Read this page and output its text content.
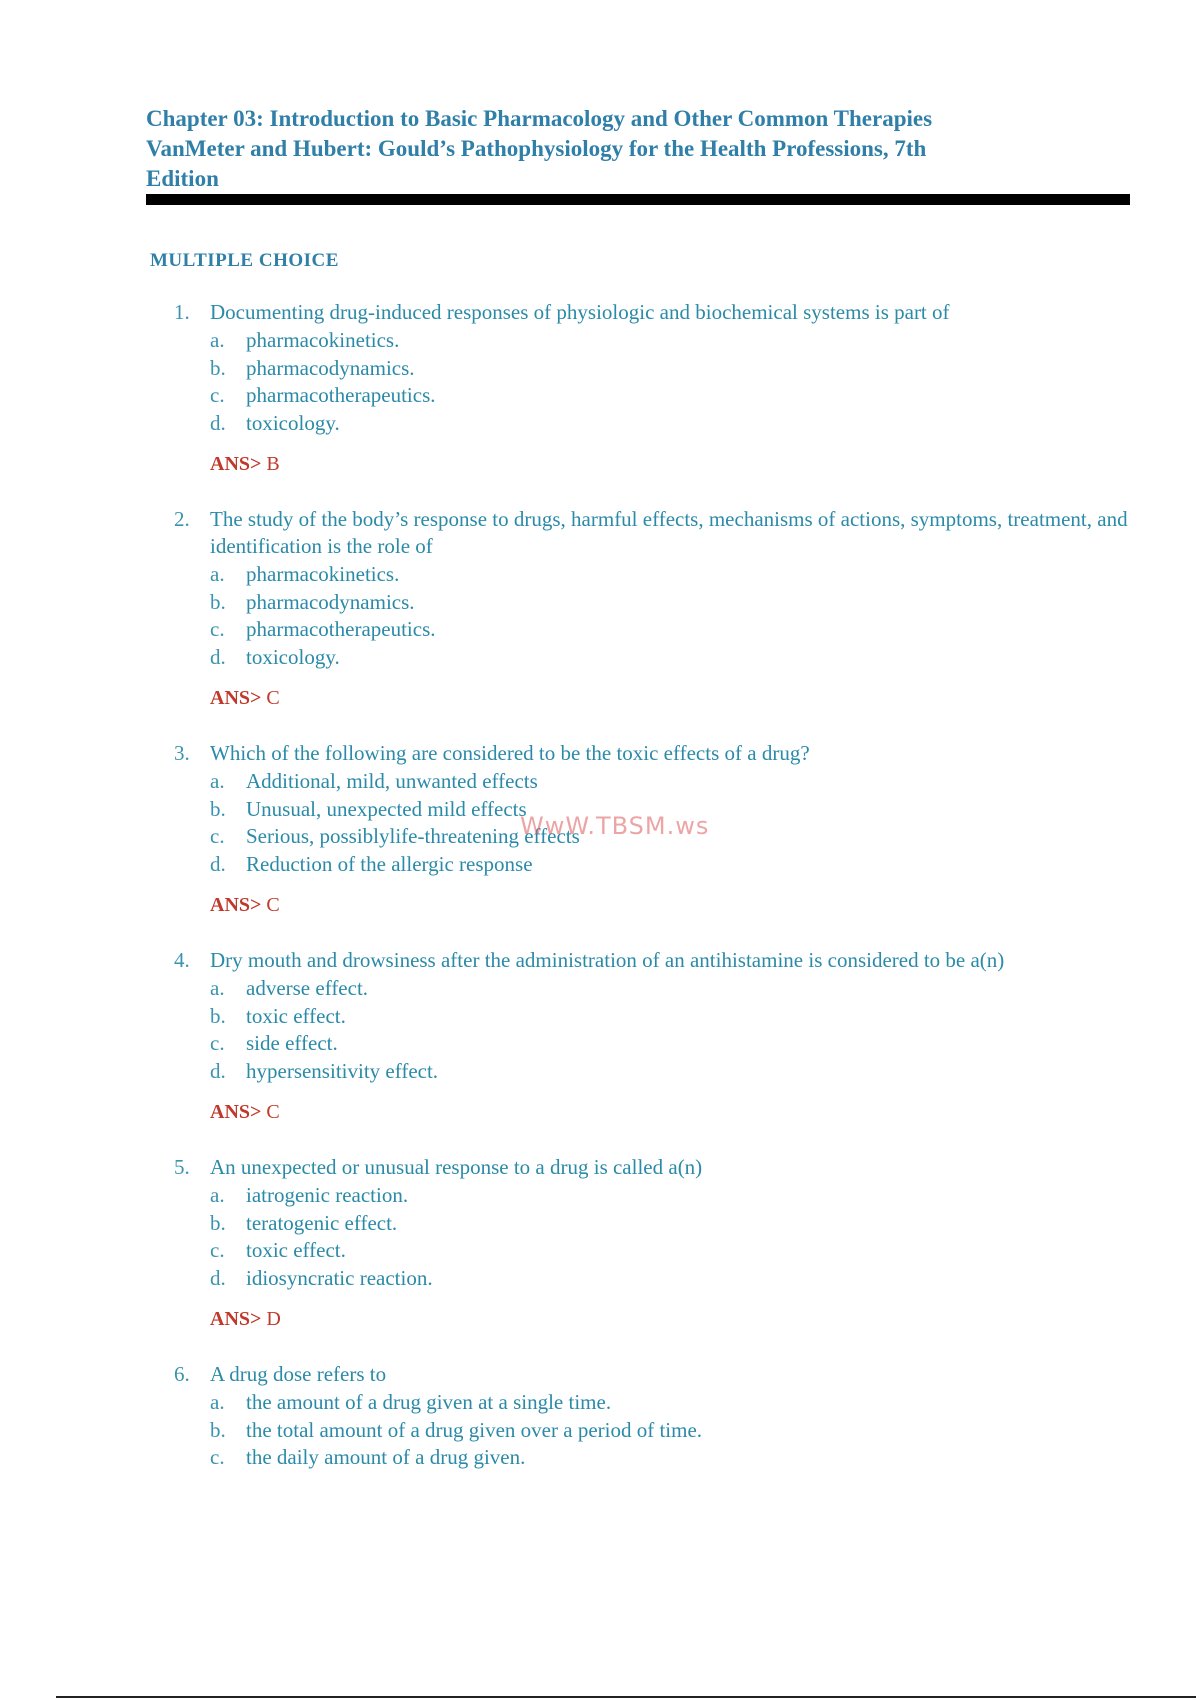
Chapter 03: Introduction to Basic Pharmacology and Other Common Therapies
VanMeter and Hubert: Gould’s Pathophysiology for the Health Professions, 7th
Edition
MULTIPLE CHOICE
1. Documenting drug-induced responses of physiologic and biochemical systems is part of
a.	pharmacokinetics.
b. pharmacodynamics.
c.	pharmacotherapeutics.
d. toxicology.
ANS> B
2. The study of the body’s response to drugs, harmful effects, mechanisms of actions, symptoms, treatment, and identification is the role of
a.	pharmacokinetics.
b. pharmacodynamics.
c.	pharmacotherapeutics.
d. toxicology.
ANS> C
3. Which of the following are considered to be the toxic effects of a drug?
a.	Additional, mild, unwanted effects
b. Unusual, unexpected mild effects
c.	Serious, possiblylife-threatening effects
d. Reduction of the allergic response
ANS> C
4. Dry mouth and drowsiness after the administration of an antihistamine is considered to be a(n)
a.	adverse effect.
b. toxic effect.
c.	side effect.
d. hypersensitivity effect.
ANS> C
5. An unexpected or unusual response to a drug is called a(n)
a.	iatrogenic reaction.
b. teratogenic effect.
c.	toxic effect.
d. idiosyncratic reaction.
ANS> D
6. A drug dose refers to
a.	the amount of a drug given at a single time.
b. the total amount of a drug given over a period of time.
c.	the daily amount of a drug given.
WwW.TBSM.ws
